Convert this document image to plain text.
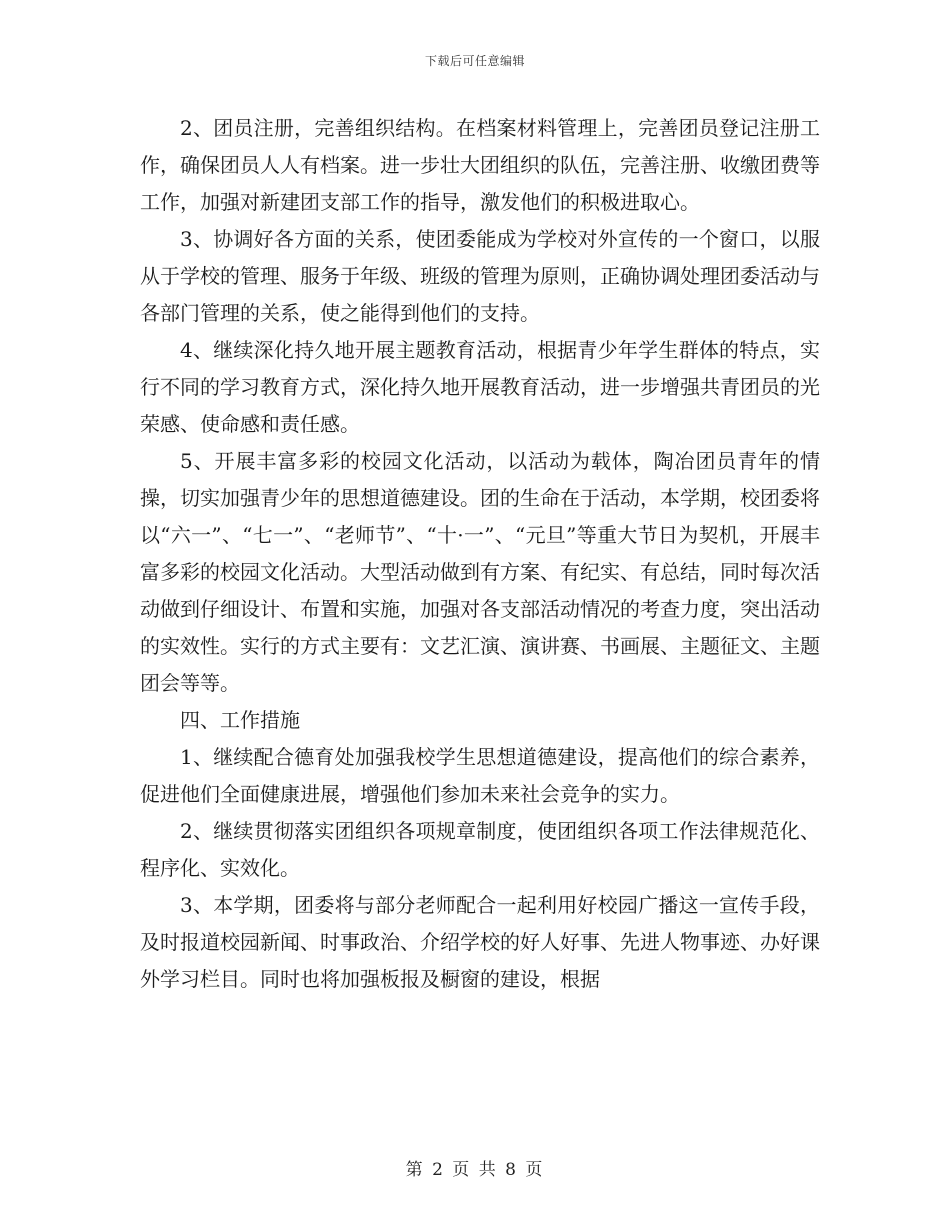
下载后可任意编辑

2、团员注册，完善组织结构。在档案材料管理上，完善团员登记注册工作，确保团员人人有档案。进一步壮大团组织的队伍，完善注册、收缴团费等工作，加强对新建团支部工作的指导，激发他们的积极进取心。

3、协调好各方面的关系，使团委能成为学校对外宣传的一个窗口，以服从于学校的管理、服务于年级、班级的管理为原则，正确协调处理团委活动与各部门管理的关系，使之能得到他们的支持。

4、继续深化持久地开展主题教育活动，根据青少年学生群体的特点，实行不同的学习教育方式，深化持久地开展教育活动，进一步增强共青团员的光荣感、使命感和责任感。

5、开展丰富多彩的校园文化活动，以活动为载体，陶冶团员青年的情操，切实加强青少年的思想道德建设。团的生命在于活动，本学期，校团委将以“六一”、“七一”、“老师节”、“十·一”、“元旦”等重大节日为契机，开展丰富多彩的校园文化活动。大型活动做到有方案、有纪实、有总结，同时每次活动做到仔细设计、布置和实施，加强对各支部活动情况的考查力度，突出活动的实效性。实行的方式主要有：文艺汇演、演讲赛、书画展、主题征文、主题团会等等。

四、工作措施

1、继续配合德育处加强我校学生思想道德建设，提高他们的综合素养，促进他们全面健康进展，增强他们参加未来社会竞争的实力。

2、继续贯彻落实团组织各项规章制度，使团组织各项工作法律规范化、程序化、实效化。

3、本学期，团委将与部分老师配合一起利用好校园广播这一宣传手段，及时报道校园新闻、时事政治、介绍学校的好人好事、先进人物事迹、办好课外学习栏目。同时也将加强板报及橱窗的建设，根据

第 2 页 共 8 页
